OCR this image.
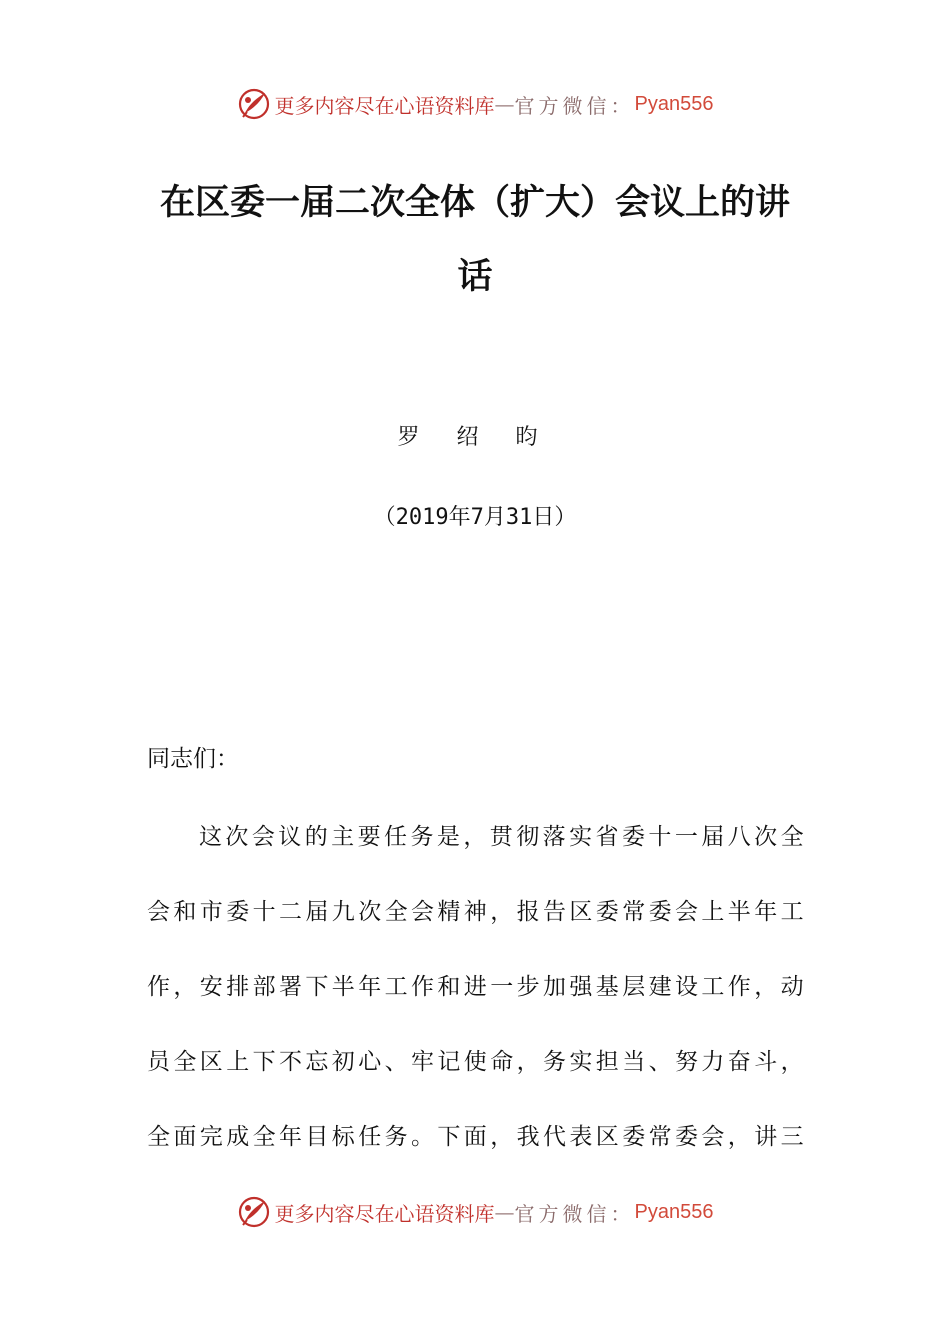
更多内容尽在心语资料库 — 官方微信： Pyan556
在区委一届二次全体（扩大）会议上的讲话
罗 绍 昀
（2019年7月31日）
同志们：

这次会议的主要任务是，贯彻落实省委十一届八次全会和市委十二届九次全会精神，报告区委常委会上半年工作，安排部署下半年工作和进一步加强基层建设工作，动员全区上下不忘初心、牢记使命，务实担当、努力奋斗，全面完成全年目标任务。下面，我代表区委常委会，讲三

更多内容尽在心语资料库 — 官方微信： Pyan556
